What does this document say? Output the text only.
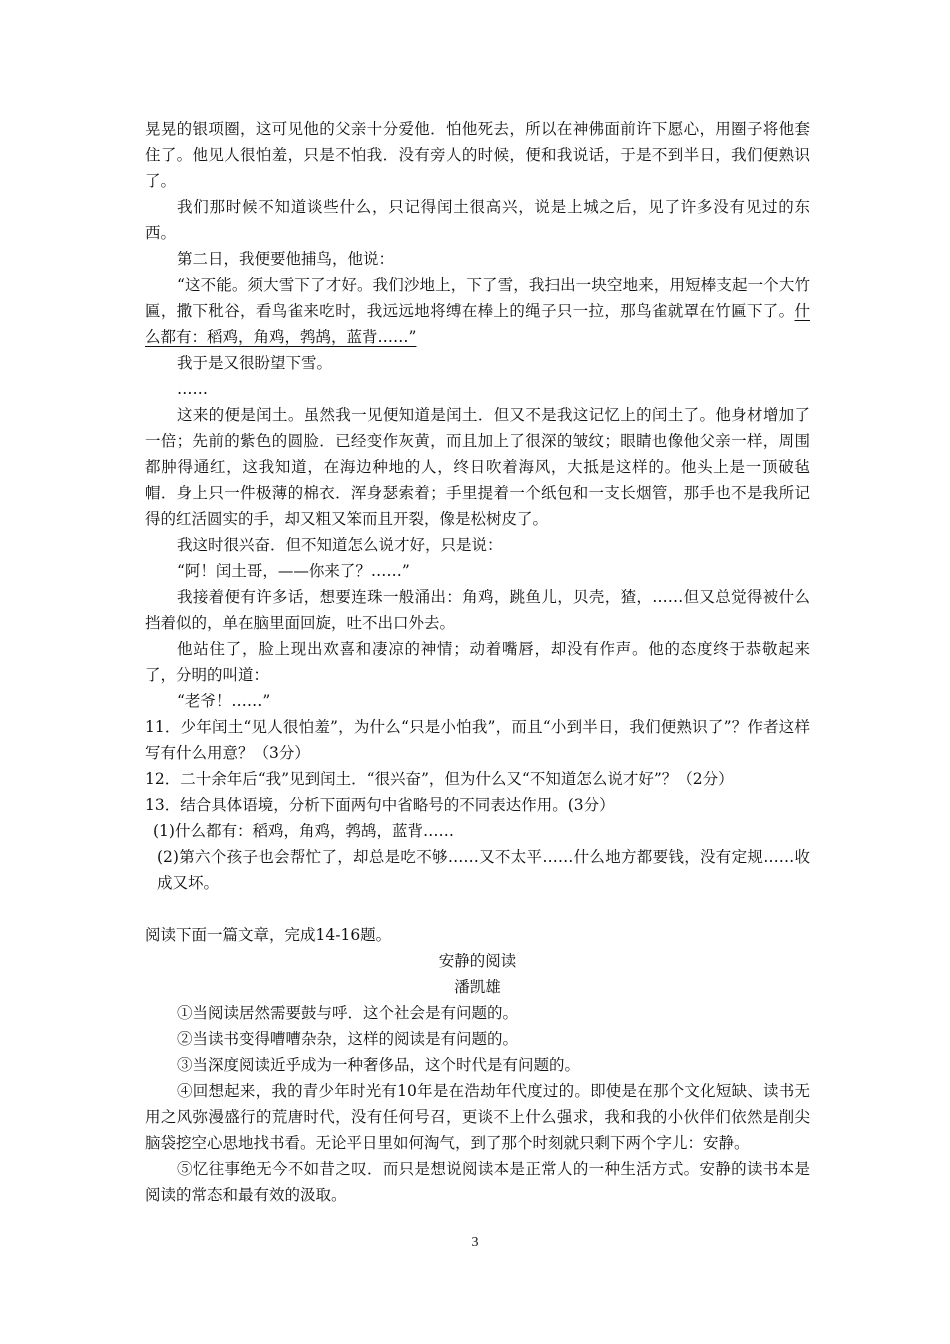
晃晃的银项圈，这可见他的父亲十分爱他．怕他死去，所以在神佛面前许下愿心，用圈子将他套住了。他见人很怕羞，只是不怕我．没有旁人的时候，便和我说话，于是不到半日，我们便熟识了。

我们那时候不知道谈些什么，只记得闰土很高兴，说是上城之后，见了许多没有见过的东西。

第二日，我便要他捕鸟，他说：

“这不能。须大雪下了才好。我们沙地上，下了雪，我扫出一块空地来，用短棒支起一个大竹匾，撒下秕谷，看鸟雀来吃时，我远远地将缚在棒上的绳子只一拉，那鸟雀就罩在竹匾下了。什么都有：稻鸡，角鸡，鹁鸪，蓝背……”

我于是又很盼望下雪。

……

这来的便是闰土。虽然我一见便知道是闰土．但又不是我这记忆上的闰土了。他身材增加了一倍；先前的紫色的圆脸．已经变作灰黄，而且加上了很深的皱纹；眼睛也像他父亲一样，周围都肿得通红，这我知道，在海边种地的人，终日吹着海风，大抵是这样的。他头上是一顶破毡帽．身上只一件极薄的棉衣．浑身瑟索着；手里提着一个纸包和一支长烟管，那手也不是我所记得的红活圆实的手，却又粗又笨而且开裂，像是松树皮了。

我这时很兴奋．但不知道怎么说才好，只是说：

“阿！闰土哥，——你来了？……”

我接着便有许多话，想要连珠一般涌出：角鸡，跳鱼儿，贝壳，猹，……但又总觉得被什么挡着似的，单在脑里面回旋，吐不出口外去。

他站住了，脸上现出欢喜和凄凉的神情；动着嘴唇，却没有作声。他的态度终于恭敬起来了，分明的叫道：

“老爷！……”

11．少年闰土“见人很怕羞”，为什么“只是小怕我”，而且“小到半日，我们便熟识了”？作者这样写有什么用意？（3分）

12．二十余年后“我”见到闰土．“很兴奋”，但为什么又“不知道怎么说才好”？（2分）

13．结合具体语境，分析下面两句中省略号的不同表达作用。(3分）

(1)什么都有：稻鸡，角鸡，鹁鸪，蓝背……

(2)第六个孩子也会帮忙了，却总是吃不够……又不太平……什么地方都要钱，没有定规……收成又坏。

阅读下面一篇文章，完成14-16题。

安静的阅读

潘凯雄

①当阅读居然需要鼓与呼．这个社会是有问题的。

②当读书变得嘈嘈杂杂，这样的阅读是有问题的。

③当深度阅读近乎成为一种奢侈品，这个时代是有问题的。

④回想起来，我的青少年时光有10年是在浩劫年代度过的。即使是在那个文化短缺、读书无用之风弥漫盛行的荒唐时代，没有任何号召，更谈不上什么强求，我和我的小伙伴们依然是削尖脑袋挖空心思地找书看。无论平日里如何淘气，到了那个时刻就只剩下两个字儿：安静。

⑤忆往事绝无今不如昔之叹．而只是想说阅读本是正常人的一种生活方式。安静的读书本是阅读的常态和最有效的汲取。

3
